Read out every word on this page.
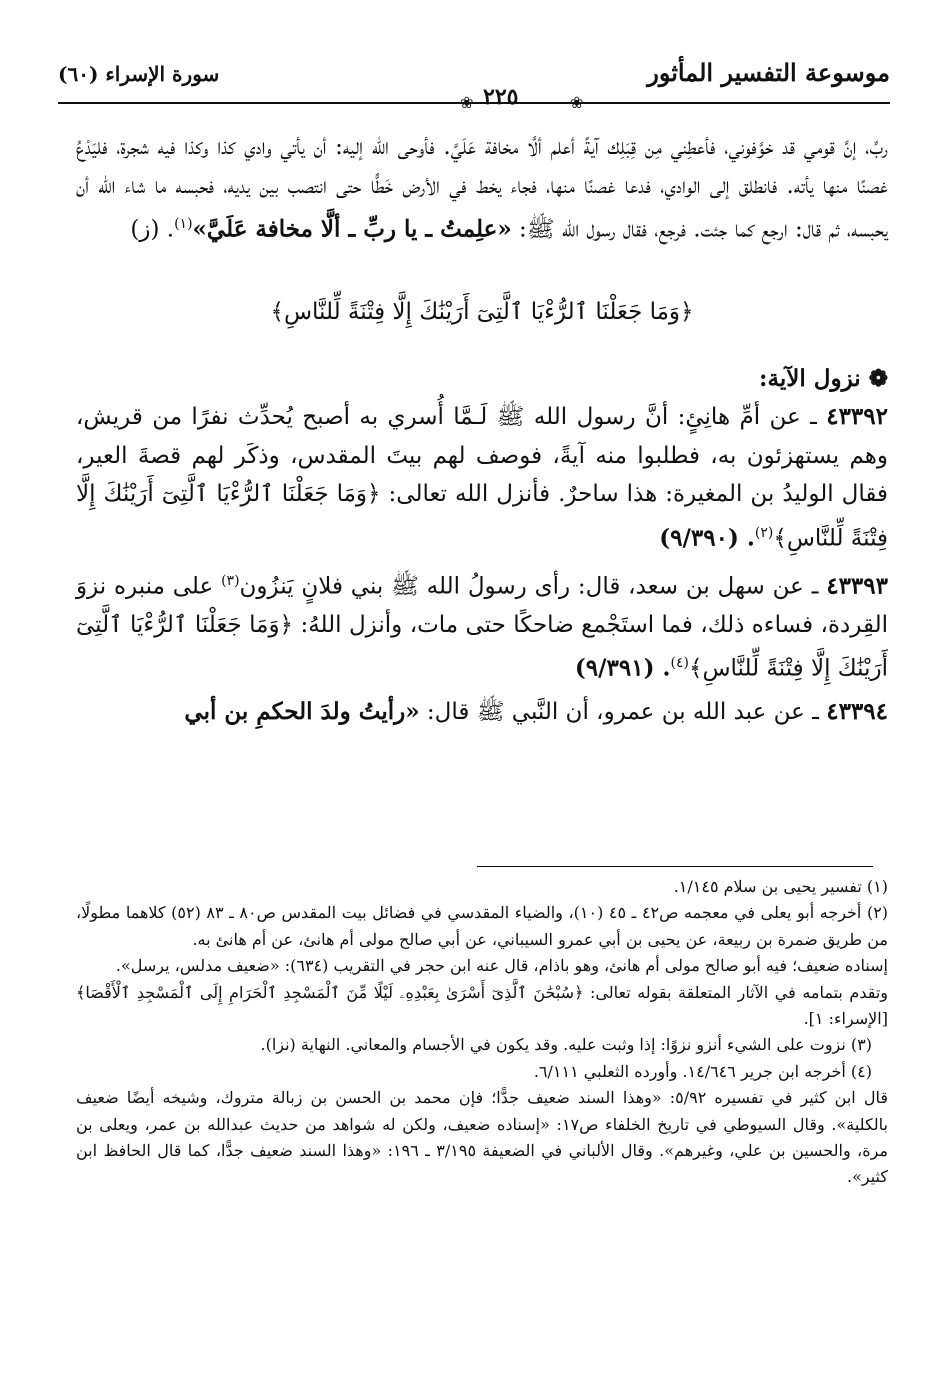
موسوعة التفسير المأثور
سورة الإسراء (٦٠)
٢٢٥
❀	❀

ربِّ، إنَّ قومي قد خوَّفوني، فأعطِني مِن قِبَلِك آيةً أعلم ألَّا مخافة عَلَيَّ. فأوحى الله إليه: أن يأتي وادي كذا وكذا فيه شجرة، فليَدْعُ غصنًا منها يأته. فانطلق إلى الوادي، فدعا غصنًا منها، فجاء يخط في الأرض خَطًّا حتى انتصب بين يديه، فحبسه ما شاء الله أن يحبسه، ثم قال: ارجع كما جئت. فرجع، فقال رسول الله ﷺ: «علِمتُ ـ يا ربِّ ـ ألَّا مخافة عَلَيَّ»$^{(١)}$. (ز)

﴿وَمَا جَعَلْنَا ٱلرُّءْيَا ٱلَّتِىٓ أَرَيْنَٰكَ إِلَّا فِتْنَةً لِّلنَّاسِ﴾
❁ نزول الآية:

٤٣٣٩٢ ـ عن أمِّ هانِئٍ: أنَّ رسول الله ﷺ لَـمَّا أُسري به أصبح يُحدِّث نفرًا من قريش، وهم يستهزئون به، فطلبوا منه آيةً، فوصف لهم بيتَ المقدس، وذكَر لهم قصةَ العير، فقال الوليدُ بن المغيرة: هذا ساحرٌ. فأنزل الله تعالى: ﴿وَمَا جَعَلْنَا ٱلرُّءْيَا ٱلَّتِىٓ أَرَيْنَٰكَ إِلَّا فِتْنَةً لِّلنَّاسِ﴾$^{(٢)}$. (٩/٣٩٠)

٤٣٣٩٣ ـ عن سهل بن سعد، قال: رأى رسولُ الله ﷺ بني فلانٍ يَنزُون$^{(٣)}$ على منبره نزوَ القِردة، فساءه ذلك، فما استَجْمع ضاحكًا حتى مات، وأنزل اللهُ: ﴿وَمَا جَعَلْنَا ٱلرُّءْيَا ٱلَّتِىٓ أَرَيْنَٰكَ إِلَّا فِتْنَةً لِّلنَّاسِ﴾$^{(٤)}$. (٩/٣٩١)

٤٣٣٩٤ ـ عن عبد الله بن عمرو، أن النَّبي ﷺ قال: «رأيتُ ولدَ الحكمِ بن أبي

(١) تفسير يحيى بن سلام ١/١٤٥.

(٢) أخرجه أبو يعلى في معجمه ص٤٢ ـ ٤٥ (١٠)، والضياء المقدسي في فضائل بيت المقدس ص٨٠ ـ ٨٣ (٥٢) كلاهما مطولًا، من طريق ضمرة بن ربيعة، عن يحيى بن أبي عمرو السيباني، عن أبي صالح مولى أم هانئ، عن أم هانئ به.

إسناده ضعيف؛ فيه أبو صالح مولى أم هانئ، وهو باذام، قال عنه ابن حجر في التقريب (٦٣٤): «ضعيف مدلس، يرسل».

وتقدم بتمامه في الآثار المتعلقة بقوله تعالى: ﴿سُبْحَٰنَ ٱلَّذِىٓ أَسْرَىٰ بِعَبْدِهِۦ لَيْلًا مِّنَ ٱلْمَسْجِدِ ٱلْحَرَامِ إِلَى ٱلْمَسْجِدِ ٱلْأَقْصَا﴾ [الإسراء: ١].

(٣) نزوت على الشيء أنزو نزوًا: إذا وثبت عليه. وقد يكون في الأجسام والمعاني. النهاية (نزا).

(٤) أخرجه ابن جرير ١٤/٦٤٦. وأورده الثعلبي ٦/١١١.

قال ابن كثير في تفسيره ٥/٩٢: «وهذا السند ضعيف جدًّا؛ فإن محمد بن الحسن بن زبالة متروك، وشيخه أيضًا ضعيف بالكلية». وقال السيوطي في تاريخ الخلفاء ص١٧: «إسناده ضعيف، ولكن له شواهد من حديث عبدالله بن عمر، ويعلى بن مرة، والحسين بن علي، وغيرهم». وقال الألباني في الضعيفة ٣/١٩٥ ـ ١٩٦: «وهذا السند ضعيف جدًّا، كما قال الحافظ ابن كثير».
